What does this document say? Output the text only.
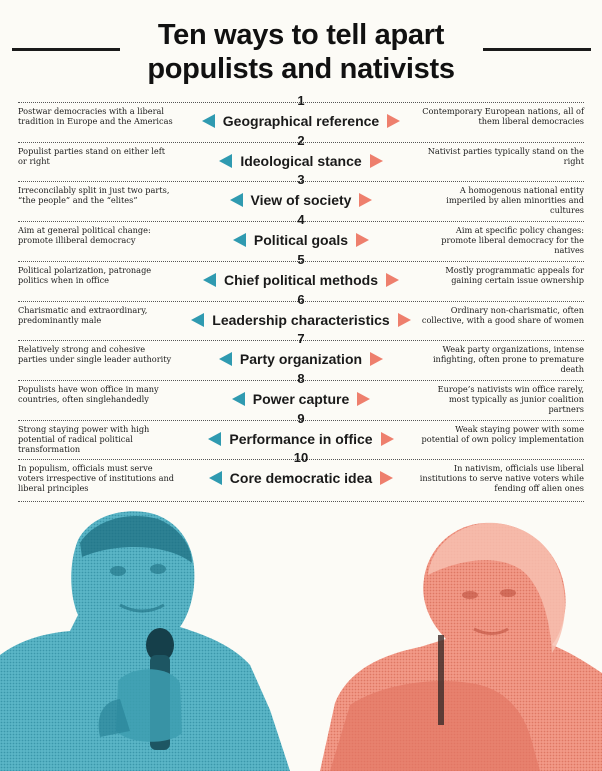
Ten ways to tell apart populists and nativists
1
Postwar democracies with a liberal tradition in Europe and the Americas	Geographical reference
Contemporary European nations, all of them liberal democracies
2
Populist parties stand on either left or right	Ideological stance
Nativist parties typically stand on the right
3
Irreconcilably split in just two parts, “the people” and the “elites”	View of society
A homogenous national entity imperiled by alien minorities and cultures
4
Aim at general political change: promote illiberal democracy	Political goals
Aim at specific policy changes: promote liberal democracy for the natives
5
Political polarization, patronage politics when in office	Chief political methods
Mostly programmatic appeals for gaining certain issue ownership
6
Charismatic and extraordinary, predominantly male	Leadership characteristics
Ordinary non-charismatic, often collective, with a good share of women
7
Relatively strong and cohesive parties under single leader authority	Party organization
Weak party organizations, intense infighting, often prone to premature death
8
Populists have won office in many countries, often singlehandedly	Power capture
Europe’s nativists win office rarely, most typically as junior coalition partners
9
Strong staying power with high potential of radical political transformation
Performance in office
Weak staying power with some potential of own policy implementation
10
In populism, officials must serve voters irrespective of institutions and liberal principles
Core democratic idea
In nativism, officials use liberal institutions to serve native voters while fending off alien ones
